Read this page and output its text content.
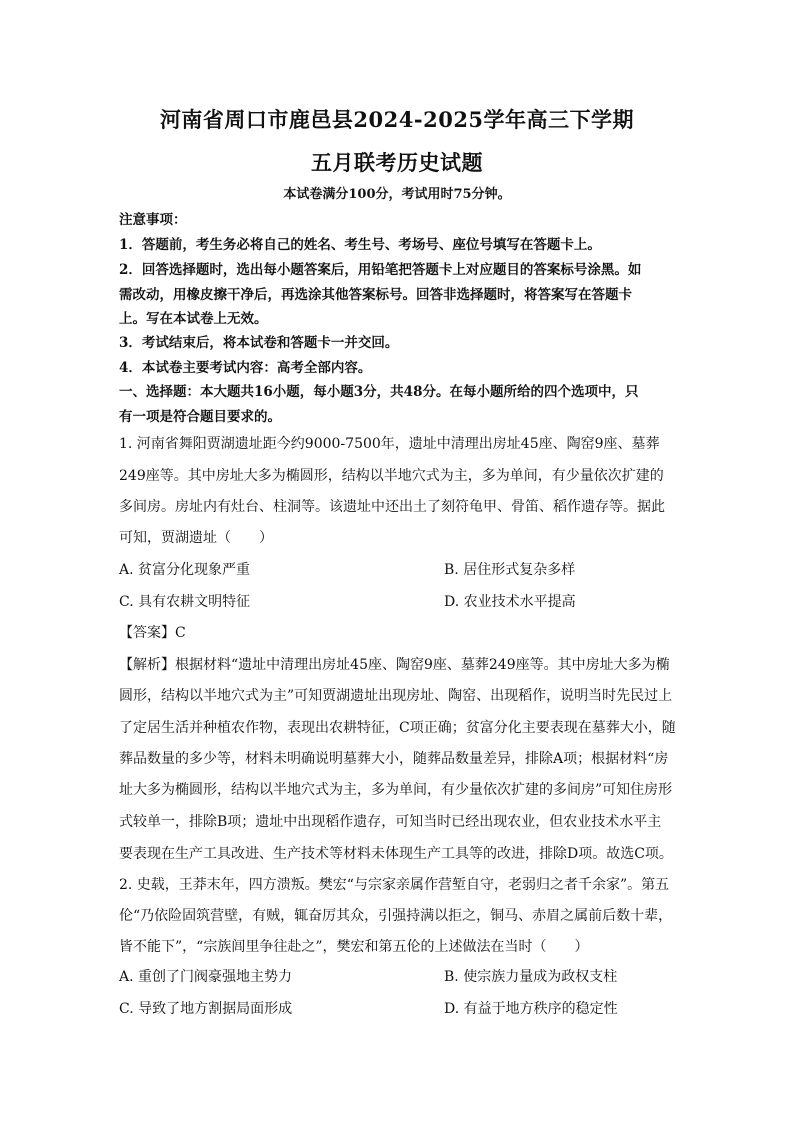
河南省周口市鹿邑县2024-2025学年高三下学期
五月联考历史试题
本试卷满分100分，考试用时75分钟。
注意事项：
1．答题前，考生务必将自己的姓名、考生号、考场号、座位号填写在答题卡上。
2．回答选择题时，选出每小题答案后，用铅笔把答题卡上对应题目的答案标号涂黑。如
需改动，用橡皮擦干净后，再选涂其他答案标号。回答非选择题时，将答案写在答题卡
上。写在本试卷上无效。
3．考试结束后，将本试卷和答题卡一并交回。
4．本试卷主要考试内容：高考全部内容。
一、选择题：本大题共16小题，每小题3分，共48分。在每小题所给的四个选项中，只
有一项是符合题目要求的。
1. 河南省舞阳贾湖遗址距今约9000-7500年，遗址中清理出房址45座、陶窑9座、墓葬
249座等。其中房址大多为椭圆形，结构以半地穴式为主，多为单间，有少量依次扩建的
多间房。房址内有灶台、柱洞等。该遗址中还出土了刻符龟甲、骨笛、稻作遗存等。据此
可知，贾湖遗址（　　）
A. 贫富分化现象严重	B. 居住形式复杂多样
C. 具有农耕文明特征	D. 农业技术水平提高
【答案】C
【解析】根据材料“遗址中清理出房址45座、陶窑9座、墓葬249座等。其中房址大多为椭
圆形，结构以半地穴式为主”可知贾湖遗址出现房址、陶窑、出现稻作，说明当时先民过上
了定居生活并种植农作物，表现出农耕特征，C项正确；贫富分化主要表现在墓葬大小，随
葬品数量的多少等，材料未明确说明墓葬大小，随葬品数量差异，排除A项；根据材料“房
址大多为椭圆形，结构以半地穴式为主，多为单间，有少量依次扩建的多间房”可知住房形
式较单一，排除B项；遗址中出现稻作遗存，可知当时已经出现农业，但农业技术水平主
要表现在生产工具改进、生产技术等材料未体现生产工具等的改进，排除D项。故选C项。
2. 史载，王莽末年，四方溃叛。樊宏“与宗家亲属作营堑自守，老弱归之者千余家”。第五
伦“乃依险固筑营壁，有贼，辄奋厉其众，引强持满以拒之，铜马、赤眉之属前后数十辈，
皆不能下”，“宗族闾里争往赴之”，樊宏和第五伦的上述做法在当时（　　）
A. 重创了门阀豪强地主势力	B. 使宗族力量成为政权支柱
C. 导致了地方割据局面形成	D. 有益于地方秩序的稳定性
